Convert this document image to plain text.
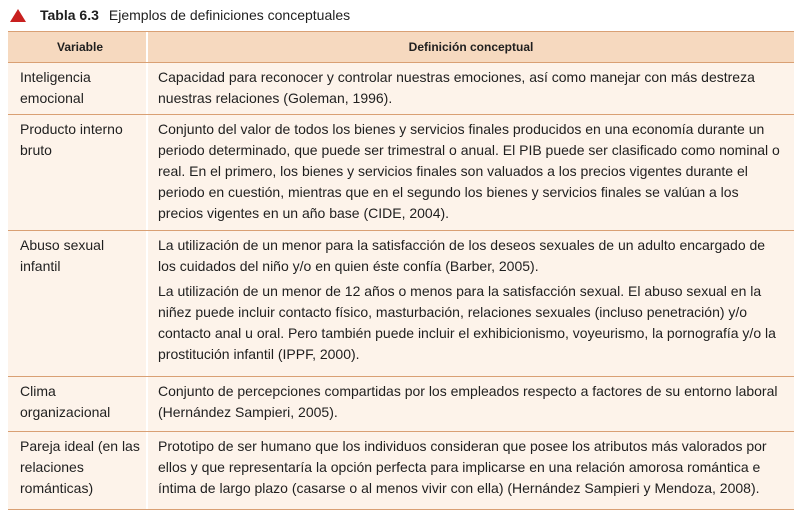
Tabla 6.3 Ejemplos de definiciones conceptuales
Variable	Definición conceptual
Inteligencia emocional
Capacidad para reconocer y controlar nuestras emociones, así como manejar con más destreza nuestras relaciones (Goleman, 1996).
Producto interno bruto
Conjunto del valor de todos los bienes y servicios finales producidos en una economía durante un periodo determinado, que puede ser trimestral o anual. El PIB puede ser clasificado como nominal o real. En el primero, los bienes y servicios finales son valuados a los precios vigentes durante el periodo en cuestión, mientras que en el segundo los bienes y servicios finales se valúan a los precios vigentes en un año base (CIDE, 2004).
Abuso sexual infantil
La utilización de un menor para la satisfacción de los deseos sexuales de un adulto encargado de los cuidados del niño y/o en quien éste confía (Barber, 2005).
La utilización de un menor de 12 años o menos para la satisfacción sexual. El abuso sexual en la niñez puede incluir contacto físico, masturbación, relaciones sexuales (incluso penetración) y/o contacto anal u oral. Pero también puede incluir el exhibicionismo, voyeurismo, la pornografía y/o la prostitución infantil (IPPF, 2000).
Clima organizacional
Conjunto de percepciones compartidas por los empleados respecto a factores de su entorno laboral (Hernández Sampieri, 2005).
Pareja ideal (en las relaciones románticas)
Prototipo de ser humano que los individuos consideran que posee los atributos más valorados por ellos y que representaría la opción perfecta para implicarse en una relación amorosa romántica e íntima de largo plazo (casarse o al menos vivir con ella) (Hernández Sampieri y Mendoza, 2008).
